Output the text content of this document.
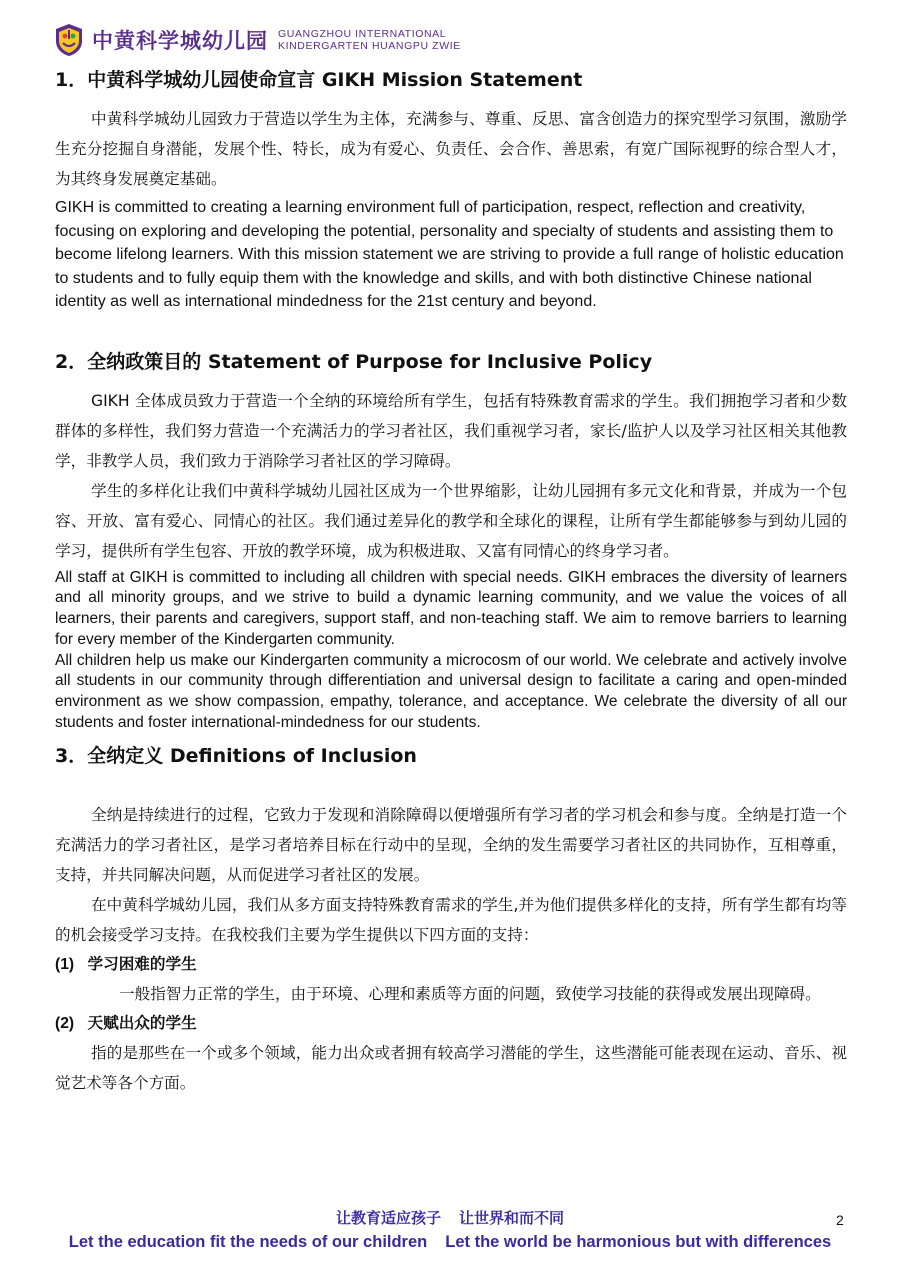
中黄科学城幼儿园 GUANGZHOU INTERNATIONAL
KINDERGARTEN HUANGPU ZWIE
1．中黄科学城幼儿园使命宣言 GIKH Mission Statement

中黄科学城幼儿园致力于营造以学生为主体，充满参与、尊重、反思、富含创造力的探究型学习氛围，激励学生充分挖掘自身潜能，发展个性、特长，成为有爱心、负责任、会合作、善思索，有宽广国际视野的综合型人才，为其终身发展奠定基础。

GIKH is committed to creating a learning environment full of participation, respect, reflection and creativity, focusing on exploring and developing the potential, personality and specialty of students and assisting them to become lifelong learners. With this mission statement we are striving to provide a full range of holistic education to students and to fully equip them with the knowledge and skills, and with both distinctive Chinese national identity as well as international mindedness for the 21st century and beyond.

2．全纳政策目的 Statement of Purpose for Inclusive Policy

GIKH 全体成员致力于营造一个全纳的环境给所有学生，包括有特殊教育需求的学生。我们拥抱学习者和少数群体的多样性，我们努力营造一个充满活力的学习者社区，我们重视学习者，家长/监护人以及学习社区相关其他教学，非教学人员，我们致力于消除学习者社区的学习障碍。

学生的多样化让我们中黄科学城幼儿园社区成为一个世界缩影，让幼儿园拥有多元文化和背景，并成为一个包容、开放、富有爱心、同情心的社区。我们通过差异化的教学和全球化的课程，让所有学生都能够参与到幼儿园的学习，提供所有学生包容、开放的教学环境，成为积极进取、又富有同情心的终身学习者。

All staff at GIKH is committed to including all children with special needs. GIKH embraces the diversity of learners and all minority groups, and we strive to build a dynamic learning community, and we value the voices of all learners, their parents and caregivers, support staff, and non-teaching staff. We aim to remove barriers to learning for every member of the Kindergarten community.

All children help us make our Kindergarten community a microcosm of our world. We celebrate and actively involve all students in our community through differentiation and universal design to facilitate a caring and open-minded environment as we show compassion, empathy, tolerance, and acceptance. We celebrate the diversity of all our students and foster international-mindedness for our students.

3．全纳定义 Definitions of Inclusion

全纳是持续进行的过程，它致力于发现和消除障碍以便增强所有学习者的学习机会和参与度。全纳是打造一个充满活力的学习者社区，是学习者培养目标在行动中的呈现，全纳的发生需要学习者社区的共同协作，互相尊重，支持，并共同解决问题，从而促进学习者社区的发展。

在中黄科学城幼儿园，我们从多方面支持特殊教育需求的学生,并为他们提供多样化的支持，所有学生都有均等的机会接受学习支持。在我校我们主要为学生提供以下四方面的支持：

(1) 学习困难的学生

一般指智力正常的学生，由于环境、心理和素质等方面的问题，致使学习技能的获得或发展出现障碍。

(2) 天赋出众的学生

指的是那些在一个或多个领域，能力出众或者拥有较高学习潜能的学生，这些潜能可能表现在运动、音乐、视觉艺术等各个方面。

让教育适应孩子 让世界和而不同
Let the education fit the needs of our children Let the world be harmonious but with differences
2
